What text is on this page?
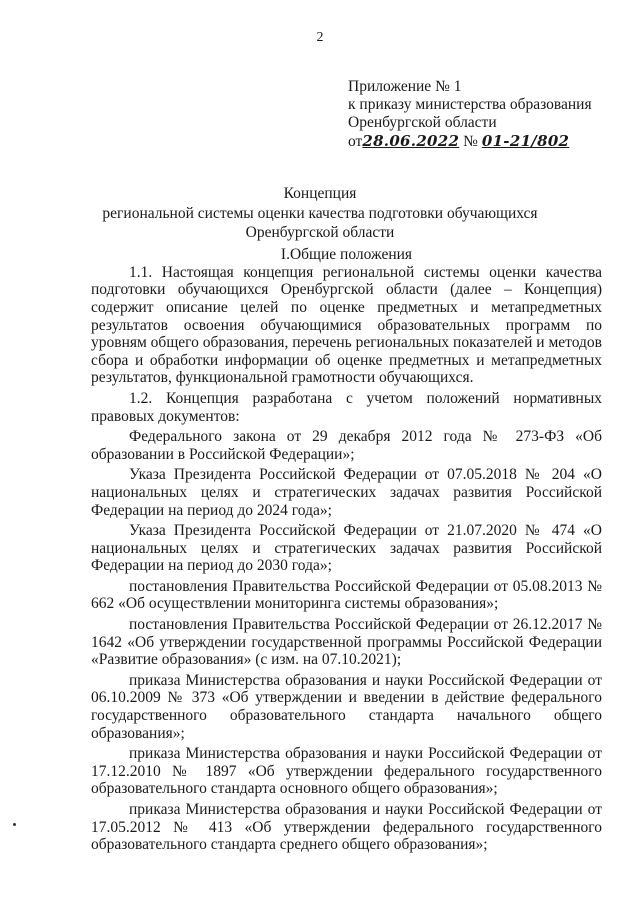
2
Приложение № 1
к приказу министерства образования
Оренбургской области
от28.06.2022 № 01-21/802
Концепция
региональной системы оценки качества подготовки обучающихся
Оренбургской области
I.Общие положения

1.1. Настоящая концепция региональной системы оценки качества подготовки обучающихся Оренбургской области (далее – Концепция) содержит описание целей по оценке предметных и метапредметных результатов освоения обучающимися образовательных программ по уровням общего образования, перечень региональных показателей и методов сбора и обработки информации об оценке предметных и метапредметных результатов, функциональной грамотности обучающихся.

1.2. Концепция разработана с учетом положений нормативных правовых документов:

Федерального закона от 29 декабря 2012 года № 273-ФЗ «Об образовании в Российской Федерации»;

Указа Президента Российской Федерации от 07.05.2018 № 204 «О национальных целях и стратегических задачах развития Российской Федерации на период до 2024 года»;

Указа Президента Российской Федерации от 21.07.2020 № 474 «О национальных целях и стратегических задачах развития Российской Федерации на период до 2030 года»;

постановления Правительства Российской Федерации от 05.08.2013 № 662 «Об осуществлении мониторинга системы образования»;

постановления Правительства Российской Федерации от 26.12.2017 № 1642 «Об утверждении государственной программы Российской Федерации «Развитие образования» (с изм. на 07.10.2021);

приказа Министерства образования и науки Российской Федерации от 06.10.2009 № 373 «Об утверждении и введении в действие федерального государственного образовательного стандарта начального общего образования»;

приказа Министерства образования и науки Российской Федерации от 17.12.2010 № 1897 «Об утверждении федерального государственного образовательного стандарта основного общего образования»;

приказа Министерства образования и науки Российской Федерации от 17.05.2012 № 413 «Об утверждении федерального государственного образовательного стандарта среднего общего образования»;
